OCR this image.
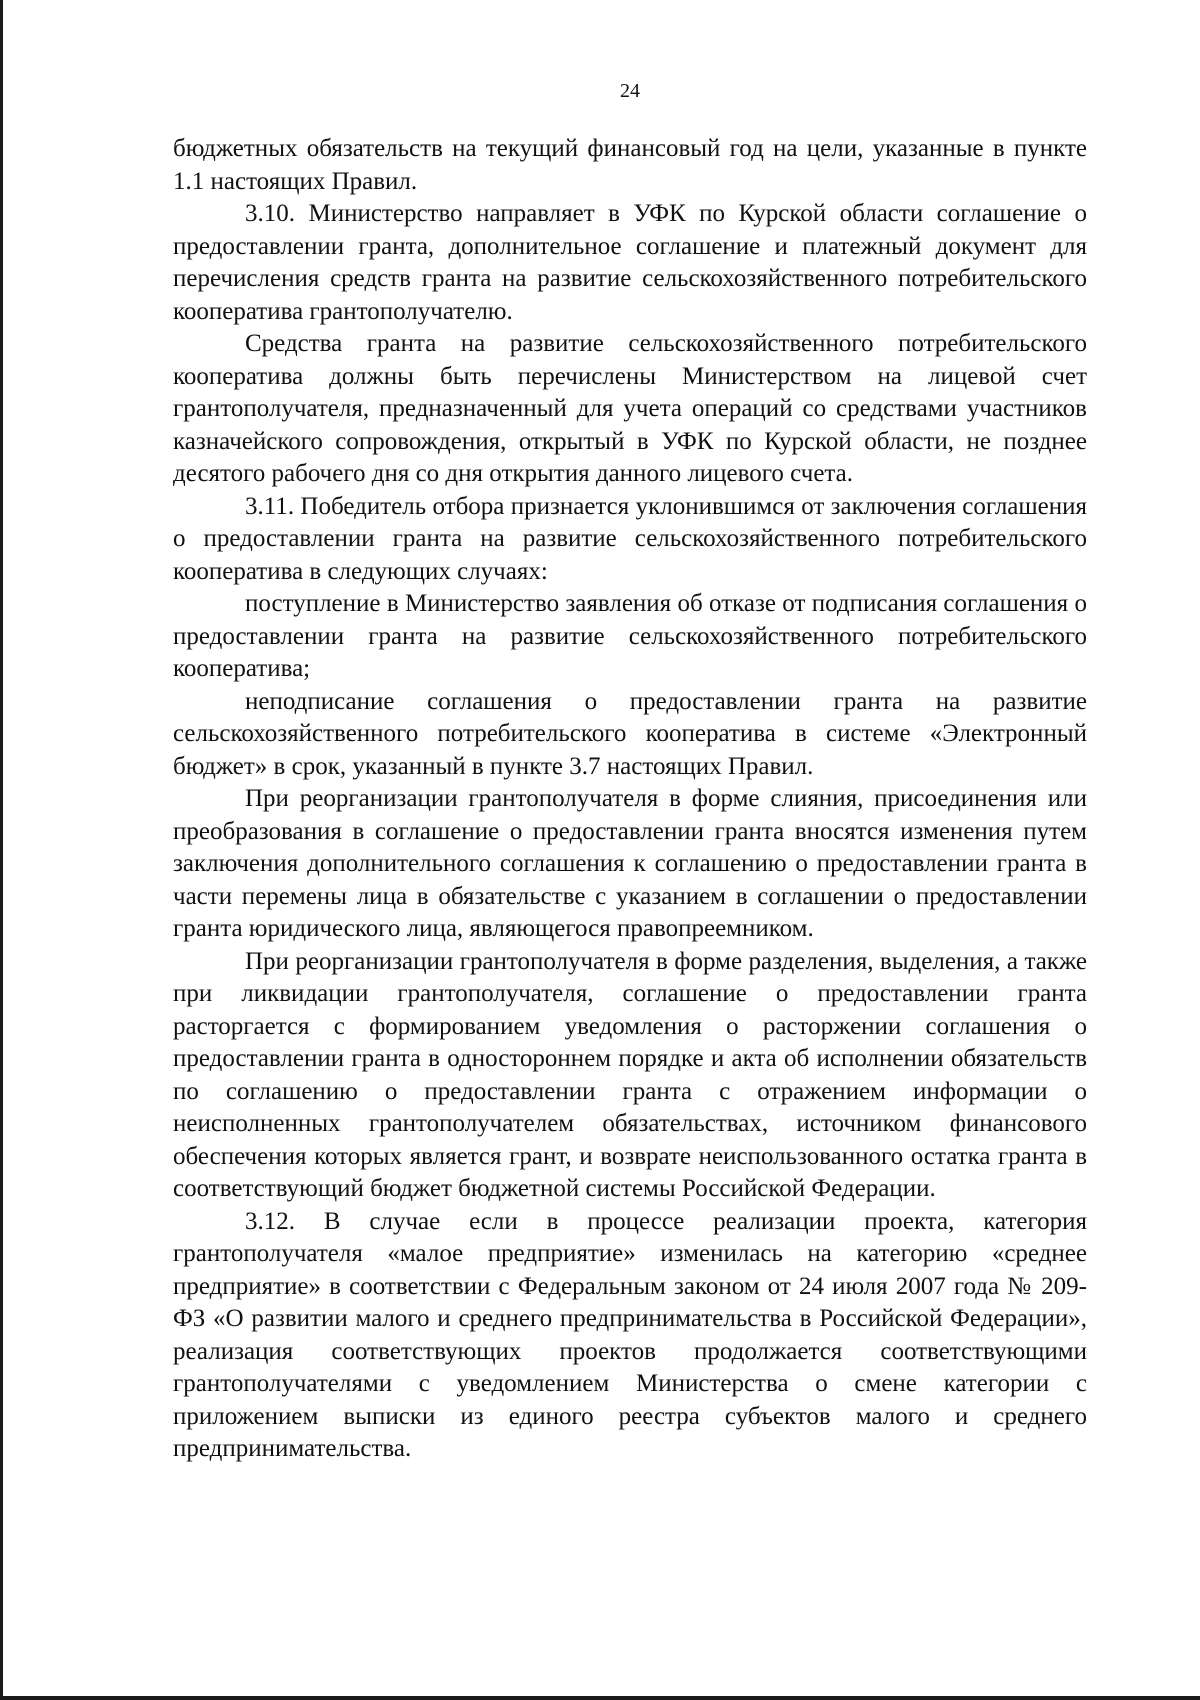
24

бюджетных обязательств на текущий финансовый год на цели, указанные в пункте 1.1 настоящих Правил.

3.10. Министерство направляет в УФК по Курской области соглашение о предоставлении гранта, дополнительное соглашение и платежный документ для перечисления средств гранта на развитие сельскохозяйственного потребительского кооператива грантополучателю.

Средства гранта на развитие сельскохозяйственного потребительского кооператива должны быть перечислены Министерством на лицевой счет грантополучателя, предназначенный для учета операций со средствами участников казначейского сопровождения, открытый в УФК по Курской области, не позднее десятого рабочего дня со дня открытия данного лицевого счета.

3.11. Победитель отбора признается уклонившимся от заключения соглашения о предоставлении гранта на развитие сельскохозяйственного потребительского кооператива в следующих случаях:

поступление в Министерство заявления об отказе от подписания соглашения о предоставлении гранта на развитие сельскохозяйственного потребительского кооператива;

неподписание соглашения о предоставлении гранта на развитие сельскохозяйственного потребительского кооператива в системе «Электронный бюджет» в срок, указанный в пункте 3.7 настоящих Правил.

При реорганизации грантополучателя в форме слияния, присоединения или преобразования в соглашение о предоставлении гранта вносятся изменения путем заключения дополнительного соглашения к соглашению о предоставлении гранта в части перемены лица в обязательстве с указанием в соглашении о предоставлении гранта юридического лица, являющегося правопреемником.

При реорганизации грантополучателя в форме разделения, выделения, а также при ликвидации грантополучателя, соглашение о предоставлении гранта расторгается с формированием уведомления о расторжении соглашения о предоставлении гранта в одностороннем порядке и акта об исполнении обязательств по соглашению о предоставлении гранта с отражением информации о неисполненных грантополучателем обязательствах, источником финансового обеспечения которых является грант, и возврате неиспользованного остатка гранта в соответствующий бюджет бюджетной системы Российской Федерации.

3.12. В случае если в процессе реализации проекта, категория грантополучателя «малое предприятие» изменилась на категорию «среднее предприятие» в соответствии с Федеральным законом от 24 июля 2007 года № 209-ФЗ «О развитии малого и среднего предпринимательства в Российской Федерации», реализация соответствующих проектов продолжается соответствующими грантополучателями с уведомлением Министерства о смене категории с приложением выписки из единого реестра субъектов малого и среднего предпринимательства.
